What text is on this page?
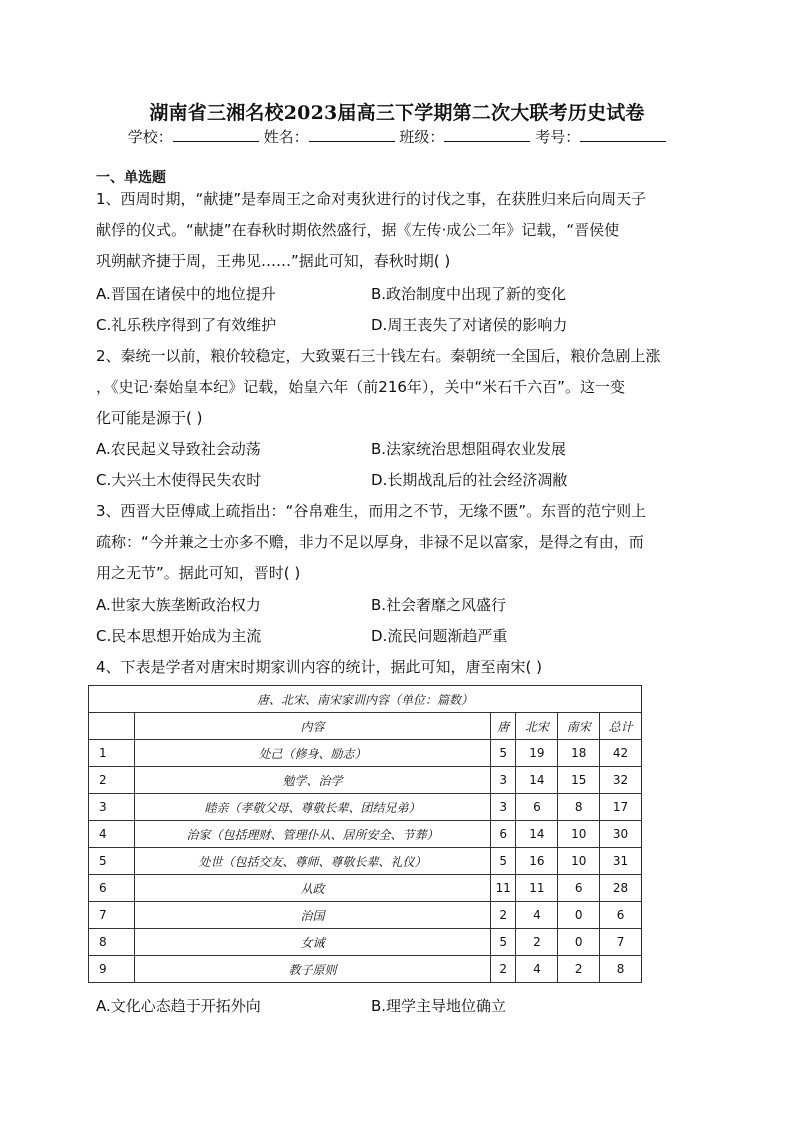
湖南省三湘名校2023届高三下学期第二次大联考历史试卷
学校：	姓名：	班级：	考号：
一、单选题
1、西周时期，“献捷”是奉周王之命对夷狄进行的讨伐之事，在获胜归来后向周天子
献俘的仪式。“献捷”在春秋时期依然盛行，据《左传·成公二年》记载，“晋侯使
巩朔献齐捷于周，王弗见……”据此可知，春秋时期( )
A.晋国在诸侯中的地位提升	B.政治制度中出现了新的变化
C.礼乐秩序得到了有效维护	D.周王丧失了对诸侯的影响力
2、秦统一以前，粮价较稳定，大致粟石三十钱左右。秦朝统一全国后，粮价急剧上涨
，《史记·秦始皇本纪》记载，始皇六年（前216年），关中“米石千六百”。这一变
化可能是源于( )
A.农民起义导致社会动荡	B.法家统治思想阻碍农业发展
C.大兴土木使得民失农时	D.长期战乱后的社会经济凋敝
3、西晋大臣傅咸上疏指出：“谷帛难生，而用之不节，无缘不匮”。东晋的范宁则上
疏称：“今并兼之士亦多不赡，非力不足以厚身，非禄不足以富家，是得之有由，而
用之无节”。据此可知，晋时( )
A.世家大族垄断政治权力	B.社会奢靡之风盛行
C.民本思想开始成为主流	D.流民问题渐趋严重
4、下表是学者对唐宋时期家训内容的统计，据此可知，唐至南宋( )
唐、北宋、南宋家训内容（单位：篇数）					
	内容	唐	北宋	南宋	总计
1	处己（修身、励志）	5	19	18	42
2	勉学、治学	3	14	15	32
3	睦亲（孝敬父母、尊敬长辈、团结兄弟）	3	6	8	17
4	治家（包括理财、管理仆从、居所安全、节葬）	6	14	10	30
5	处世（包括交友、尊师、尊敬长辈、礼仪）	5	16	10	31
6	从政	11	11	6	28
7	治国	2	4	0	6
8	女诫	5	2	0	7
9	教子原则	2	4	2	8
A.文化心态趋于开拓外向	B.理学主导地位确立
